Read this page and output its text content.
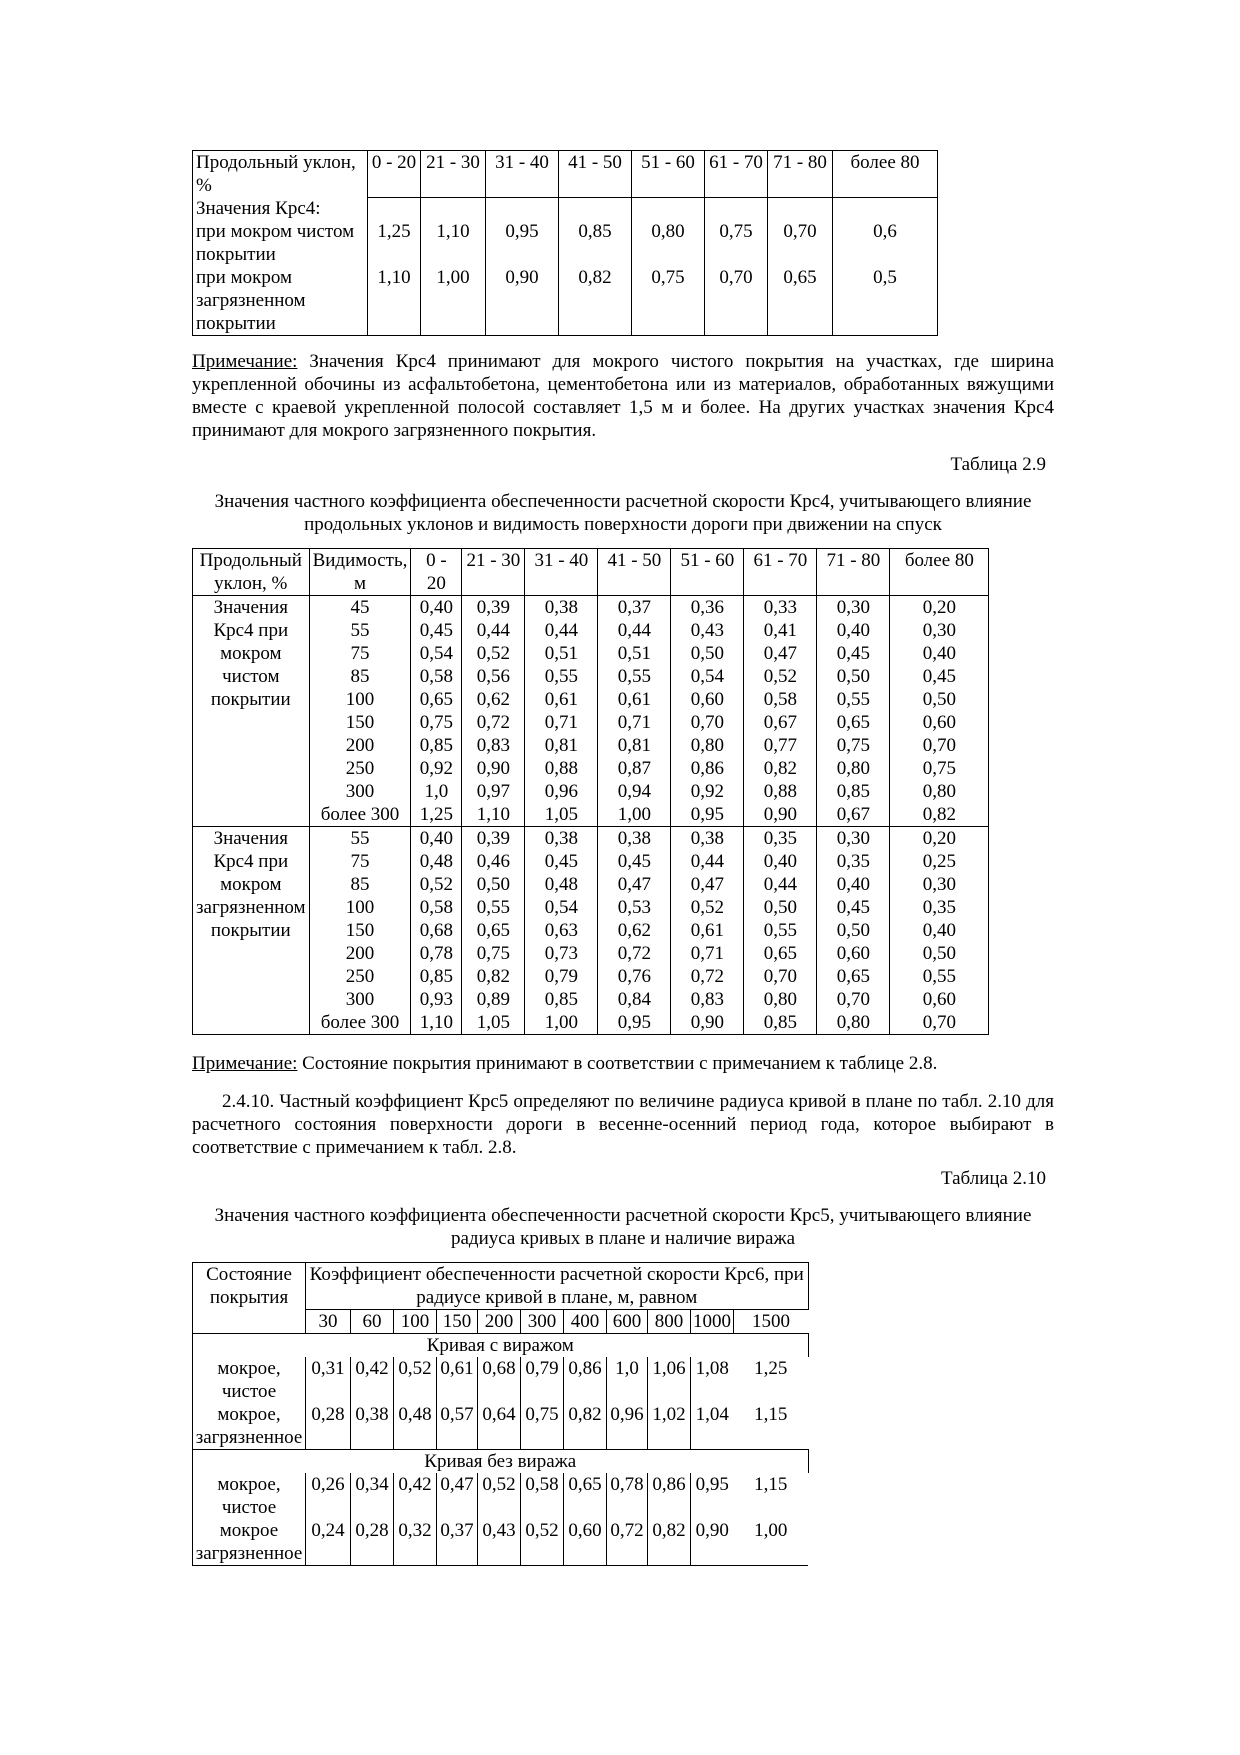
Продольный уклон, %	0 - 20	21 - 30	31 - 40	41 - 50	51 - 60	61 - 70	71 - 80	более 80
Значения Крс4:								
при мокром чистом покрытии	1,25	1,10	0,95	0,85	0,80	0,75	0,70	0,6
при мокром загрязненном покрытии	1,10	1,00	0,90	0,82	0,75	0,70	0,65	0,5
Примечание: Значения Крс4 принимают для мокрого чистого покрытия на участках, где ширина укрепленной обочины из асфальтобетона, цементобетона или из материалов, обработанных вяжущими вместе с краевой укрепленной полосой составляет 1,5 м и более. На других участках значения Крс4 принимают для мокрого загрязненного покрытия.
Таблица 2.9
Значения частного коэффициента обеспеченности расчетной скорости Крс4, учитывающего влияние продольных уклонов и видимость поверхности дороги при движении на спуск
Продольный уклон, %	Видимость, м	0 - 20	21 - 30	31 - 40	41 - 50	51 - 60	61 - 70	71 - 80	более 80
Значения Крс4 при мокром чистом покрытии	45	0,40	0,39	0,38	0,37	0,36	0,33	0,30	0,20
	55	0,45	0,44	0,44	0,44	0,43	0,41	0,40	0,30
	75	0,54	0,52	0,51	0,51	0,50	0,47	0,45	0,40
	85	0,58	0,56	0,55	0,55	0,54	0,52	0,50	0,45
	100	0,65	0,62	0,61	0,61	0,60	0,58	0,55	0,50
	150	0,75	0,72	0,71	0,71	0,70	0,67	0,65	0,60
	200	0,85	0,83	0,81	0,81	0,80	0,77	0,75	0,70
	250	0,92	0,90	0,88	0,87	0,86	0,82	0,80	0,75
	300	1,0	0,97	0,96	0,94	0,92	0,88	0,85	0,80
	более 300	1,25	1,10	1,05	1,00	0,95	0,90	0,67	0,82
Значения Крс4 при мокром загрязненном покрытии	55	0,40	0,39	0,38	0,38	0,38	0,35	0,30	0,20
	75	0,48	0,46	0,45	0,45	0,44	0,40	0,35	0,25
	85	0,52	0,50	0,48	0,47	0,47	0,44	0,40	0,30
	100	0,58	0,55	0,54	0,53	0,52	0,50	0,45	0,35
	150	0,68	0,65	0,63	0,62	0,61	0,55	0,50	0,40
	200	0,78	0,75	0,73	0,72	0,71	0,65	0,60	0,50
	250	0,85	0,82	0,79	0,76	0,72	0,70	0,65	0,55
	300	0,93	0,89	0,85	0,84	0,83	0,80	0,70	0,60
	более 300	1,10	1,05	1,00	0,95	0,90	0,85	0,80	0,70
Примечание: Состояние покрытия принимают в соответствии с примечанием к таблице 2.8.
2.4.10. Частный коэффициент Крс5 определяют по величине радиуса кривой в плане по табл. 2.10 для расчетного состояния поверхности дороги в весенне-осенний период года, которое выбирают в соответствие с примечанием к табл. 2.8.
Таблица 2.10
Значения частного коэффициента обеспеченности расчетной скорости Крс5, учитывающего влияние радиуса кривых в плане и наличие виража
Состояние покрытия	Коэффициент обеспеченности расчетной скорости Крс6, при радиусе кривой в плане, м, равном										
	30	60	100	150	200	300	400	600	800	1000	1500
Кривая с виражом											
мокрое, чистое	0,31	0,42	0,52	0,61	0,68	0,79	0,86	1,0	1,06	1,08	1,25
мокрое, загрязненное	0,28	0,38	0,48	0,57	0,64	0,75	0,82	0,96	1,02	1,04	1,15
Кривая без виража											
мокрое, чистое	0,26	0,34	0,42	0,47	0,52	0,58	0,65	0,78	0,86	0,95	1,15
мокрое загрязненное	0,24	0,28	0,32	0,37	0,43	0,52	0,60	0,72	0,82	0,90	1,00
